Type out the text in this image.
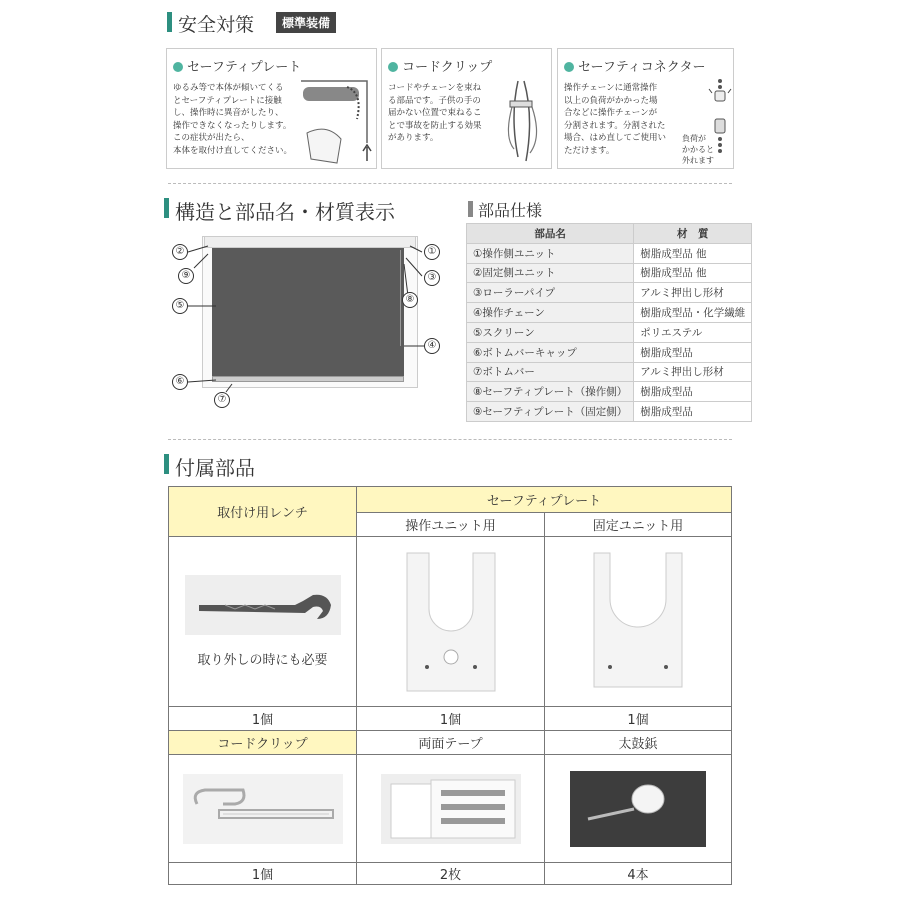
安全対策	標準装備
セーフティプレート
ゆるみ等で本体が傾いてくる
とセーフティプレートに接触
し、操作時に異音がしたり、
操作できなくなったりします。
この症状が出たら、
本体を取付け直してください。
コードクリップ
コードやチェーンを束ね
る部品です。子供の手の
届かない位置で束ねるこ
とで事故を防止する効果
があります。
セーフティコネクター
操作チェーンに通常操作
以上の負荷がかかった場
合などに操作チェーンが
分割されます。分割された
場合、はめ直してご使用い
ただけます。
負荷が
かかると
外れます
構造と部品名・材質表示
②
⑨
⑤
⑥
⑦
①
③
⑧
④
部品仕様
部品名	材　質
①操作側ユニット	樹脂成型品 他
②固定側ユニット	樹脂成型品 他
③ローラーパイプ	アルミ押出し形材
④操作チェーン	樹脂成型品・化学繊維
⑤スクリーン	ポリエステル
⑥ボトムバーキャップ	樹脂成型品
⑦ボトムバー	アルミ押出し形材
⑧セーフティプレート（操作側）	樹脂成型品
⑨セーフティプレート（固定側）	樹脂成型品
付属部品
取付け用レンチ	セーフティプレート	
	操作ユニット用	固定ユニット用

取り外しの時にも必要

1個	1個	1個
コードクリップ	両面テープ	太鼓鋲

1個	2枚	4本
